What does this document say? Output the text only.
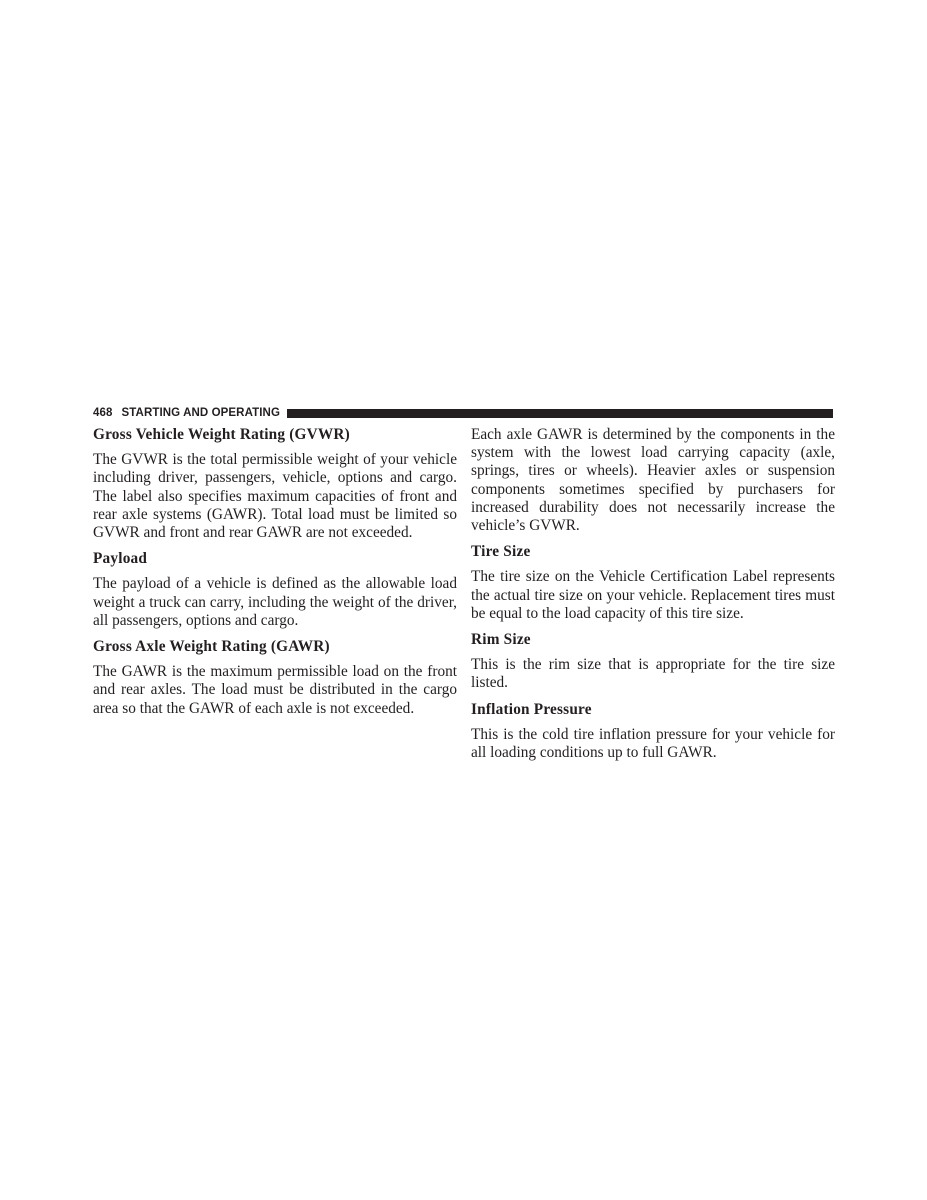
468 STARTING AND OPERATING
Gross Vehicle Weight Rating (GVWR)

The GVWR is the total permissible weight of your vehicle including driver, passengers, vehicle, options and cargo. The label also specifies maximum capacities of front and rear axle systems (GAWR). Total load must be limited so GVWR and front and rear GAWR are not exceeded.

Payload

The payload of a vehicle is defined as the allowable load weight a truck can carry, including the weight of the driver, all passengers, options and cargo.

Gross Axle Weight Rating (GAWR)

The GAWR is the maximum permissible load on the front and rear axles. The load must be distributed in the cargo area so that the GAWR of each axle is not exceeded.

Each axle GAWR is determined by the components in the system with the lowest load carrying capacity (axle, springs, tires or wheels). Heavier axles or suspension components sometimes specified by purchasers for increased durability does not necessarily increase the vehicle’s GVWR.

Tire Size

The tire size on the Vehicle Certification Label represents the actual tire size on your vehicle. Replacement tires must be equal to the load capacity of this tire size.

Rim Size

This is the rim size that is appropriate for the tire size listed.

Inflation Pressure

This is the cold tire inflation pressure for your vehicle for all loading conditions up to full GAWR.
